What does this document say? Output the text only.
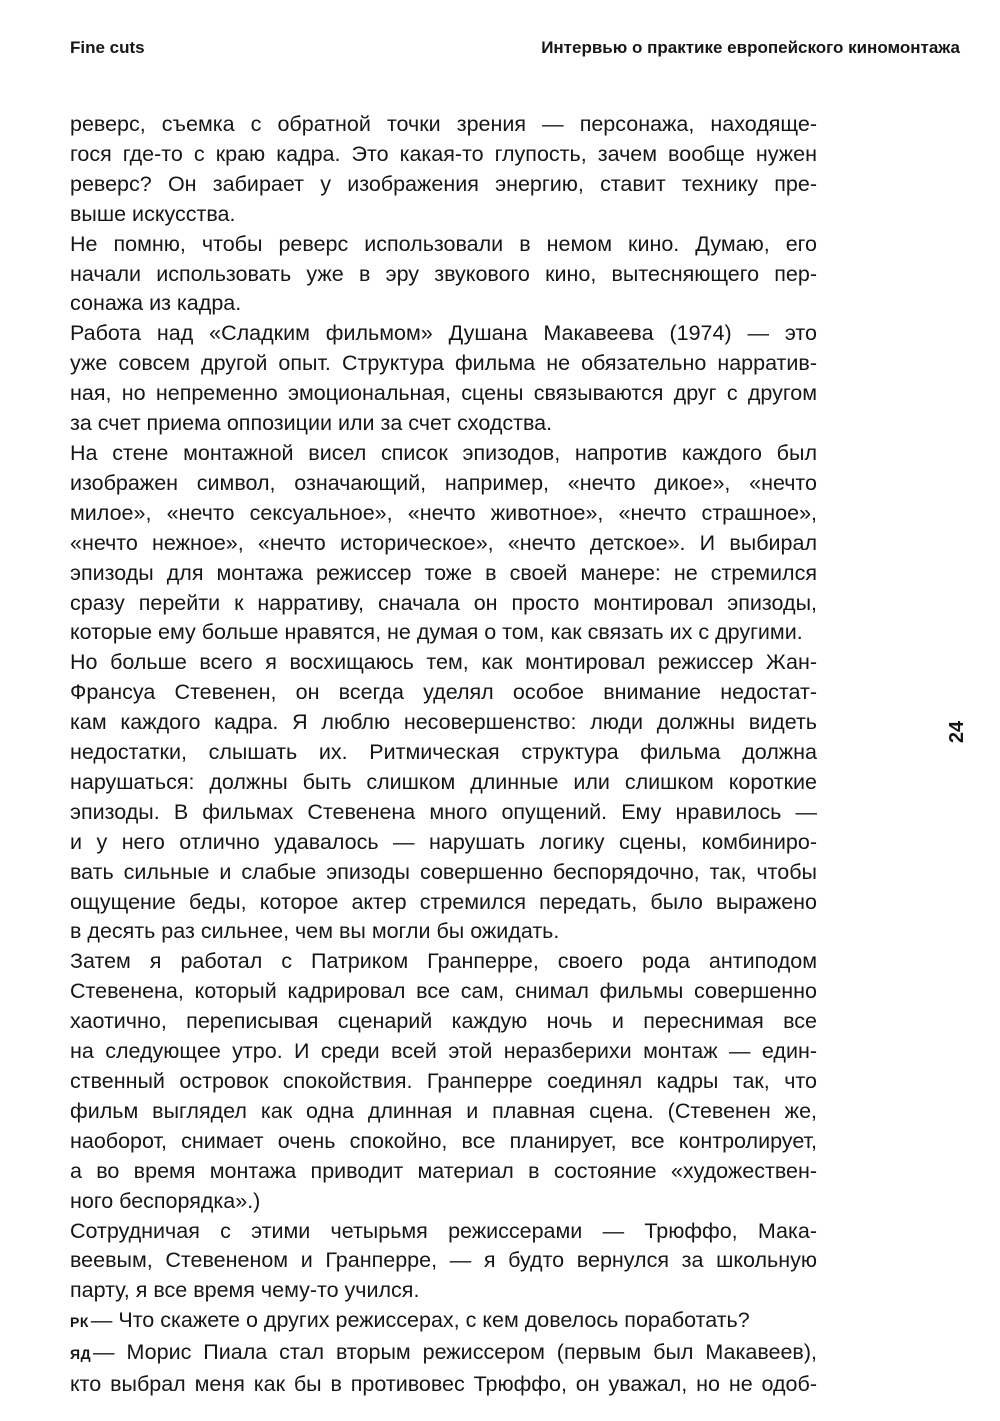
Fine cuts	Интервью о практике европейского киномонтажа
24
реверс, съемка с обратной точки зрения — персонажа, находяще-
гося где-то с краю кадра. Это какая-то глупость, зачем вообще нужен
реверс? Он забирает у изображения энергию, ставит технику пре-
выше искусства.
Не помню, чтобы реверс использовали в немом кино. Думаю, его
начали использовать уже в эру звукового кино, вытесняющего пер-
сонажа из кадра.
Работа над «Сладким фильмом» Душана Макавеева (1974) — это
уже совсем другой опыт. Структура фильма не обязательно нарратив-
ная, но непременно эмоциональная, сцены связываются друг с другом
за счет приема оппозиции или за счет сходства.
На стене монтажной висел список эпизодов, напротив каждого был
изображен символ, означающий, например, «нечто дикое», «нечто
милое», «нечто сексуальное», «нечто животное», «нечто страшное»,
«нечто нежное», «нечто историческое», «нечто детское». И выбирал
эпизоды для монтажа режиссер тоже в своей манере: не стремился
сразу перейти к нарративу, сначала он просто монтировал эпизоды,
которые ему больше нравятся, не думая о том, как связать их с другими.
Но больше всего я восхищаюсь тем, как монтировал режиссер Жан-
Франсуа Стевенен, он всегда уделял особое внимание недостат-
кам каждого кадра. Я люблю несовершенство: люди должны видеть
недостатки, слышать их. Ритмическая структура фильма должна
нарушаться: должны быть слишком длинные или слишком короткие
эпизоды. В фильмах Стевенена много опущений. Ему нравилось —
и у него отлично удавалось — нарушать логику сцены, комбиниро-
вать сильные и слабые эпизоды совершенно беспорядочно, так, чтобы
ощущение беды, которое актер стремился передать, было выражено
в десять раз сильнее, чем вы могли бы ожидать.
Затем я работал с Патриком Гранперре, своего рода антиподом
Стевенена, который кадрировал все сам, снимал фильмы совершенно
хаотично, переписывая сценарий каждую ночь и переснимая все
на следующее утро. И среди всей этой неразберихи монтаж — един-
ственный островок спокойствия. Гранперре соединял кадры так, что
фильм выглядел как одна длинная и плавная сцена. (Стевенен же,
наоборот, снимает очень спокойно, все планирует, все контролирует,
а во время монтажа приводит материал в состояние «художествен-
ного беспорядка».)
Сотрудничая с этими четырьмя режиссерами — Трюффо, Мака-
веевым, Стевененом и Гранперре, — я будто вернулся за школьную
парту, я все время чему-то учился.
РК— Что скажете о других режиссерах, с кем довелось поработать?
ЯД— Морис Пиала стал вторым режиссером (первым был Макавеев),
кто выбрал меня как бы в противовес Трюффо, он уважал, но не одоб-
